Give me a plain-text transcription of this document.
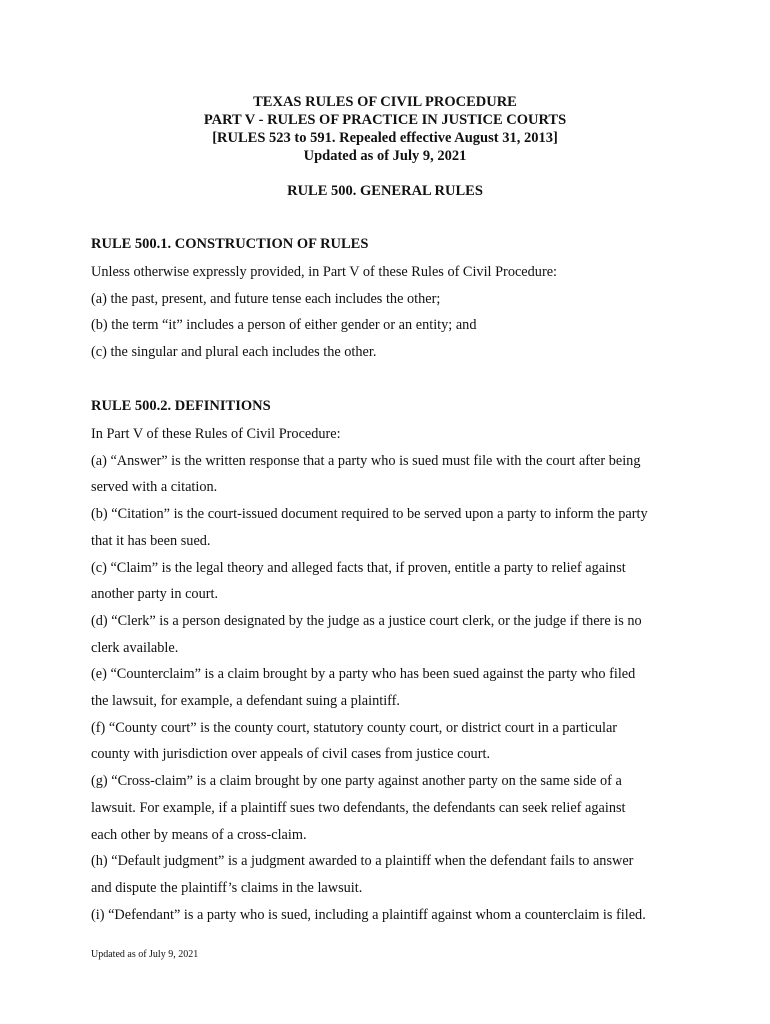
TEXAS RULES OF CIVIL PROCEDURE
PART V - RULES OF PRACTICE IN JUSTICE COURTS
[RULES 523 to 591. Repealed effective August 31, 2013]
Updated as of July 9, 2021
RULE 500. GENERAL RULES
RULE 500.1. CONSTRUCTION OF RULES

Unless otherwise expressly provided, in Part V of these Rules of Civil Procedure:

(a) the past, present, and future tense each includes the other;

(b) the term “it” includes a person of either gender or an entity; and

(c) the singular and plural each includes the other.

RULE 500.2. DEFINITIONS

In Part V of these Rules of Civil Procedure:

(a) “Answer” is the written response that a party who is sued must file with the court after being

served with a citation.

(b) “Citation” is the court-issued document required to be served upon a party to inform the party

that it has been sued.

(c) “Claim” is the legal theory and alleged facts that, if proven, entitle a party to relief against

another party in court.

(d) “Clerk” is a person designated by the judge as a justice court clerk, or the judge if there is no

clerk available.

(e) “Counterclaim” is a claim brought by a party who has been sued against the party who filed

the lawsuit, for example, a defendant suing a plaintiff.

(f) “County court” is the county court, statutory county court, or district court in a particular

county with jurisdiction over appeals of civil cases from justice court.

(g) “Cross-claim” is a claim brought by one party against another party on the same side of a

lawsuit. For example, if a plaintiff sues two defendants, the defendants can seek relief against

each other by means of a cross-claim.

(h) “Default judgment” is a judgment awarded to a plaintiff when the defendant fails to answer

and dispute the plaintiff’s claims in the lawsuit.

(i) “Defendant” is a party who is sued, including a plaintiff against whom a counterclaim is filed.

Updated as of July 9, 2021
